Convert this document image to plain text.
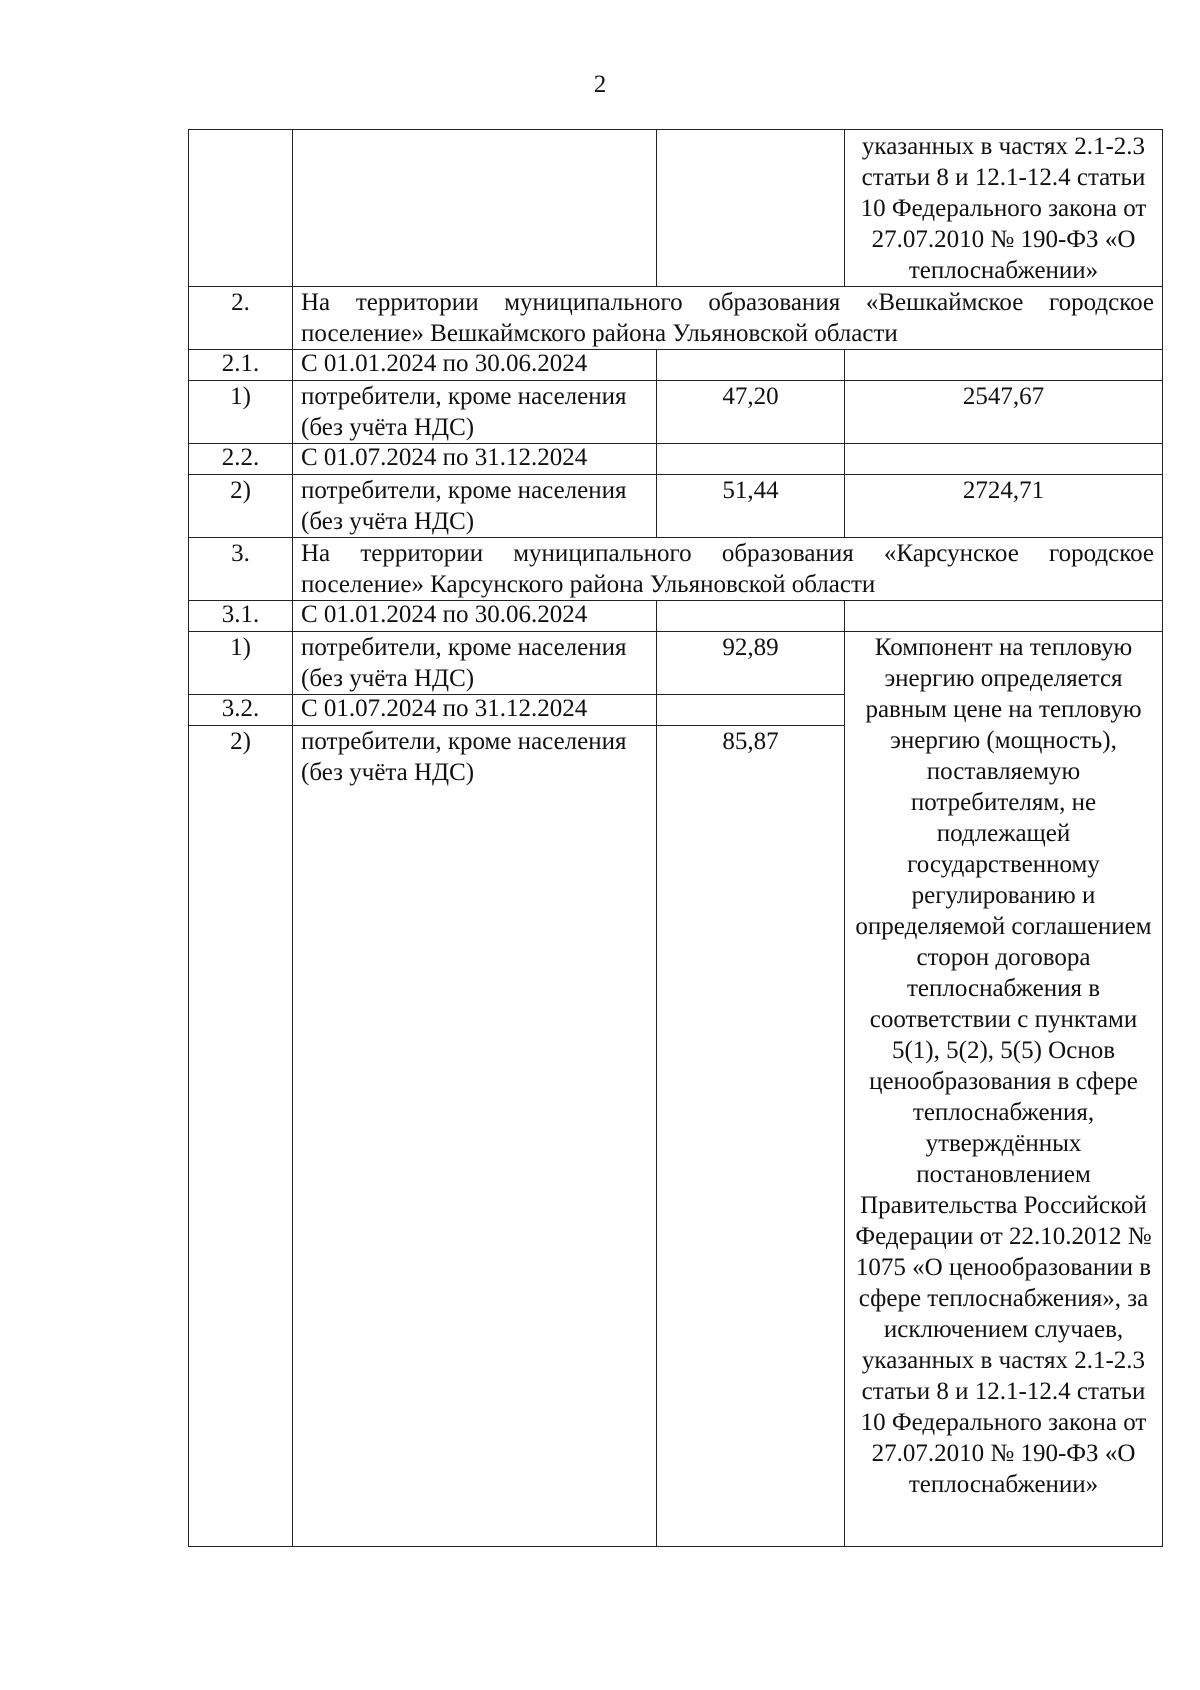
2
			указанных в частях 2.1-2.3 статьи 8 и 12.1-12.4 статьи 10 Федерального закона от 27.07.2010 № 190-ФЗ «О теплоснабжении»
2.	На территории муниципального образования «Вешкаймское городское поселение» Вешкаймского района Ульяновской области		
2.1.	С 01.01.2024 по 30.06.2024		
1)	потребители, кроме населения (без учёта НДС)	47,20	2547,67
2.2.	С 01.07.2024 по 31.12.2024		
2)	потребители, кроме населения (без учёта НДС)	51,44	2724,71
3.	На территории муниципального образования «Карсунское городское поселение» Карсунского района Ульяновской области		
3.1.	С 01.01.2024 по 30.06.2024		
1)	потребители, кроме населения (без учёта НДС)	92,89	Компонент на тепловую энергию определяется равным цене на тепловую энергию (мощность), поставляемую потребителям, не подлежащей государственному регулированию и определяемой соглашением сторон договора теплоснабжения в соответствии с пунктами 5(1), 5(2), 5(5) Основ ценообразования в сфере теплоснабжения, утверждённых постановлением Правительства Российской Федерации от 22.10.2012 № 1075 «О ценообразовании в сфере теплоснабжения», за исключением случаев, указанных в частях 2.1-2.3 статьи 8 и 12.1-12.4 статьи 10 Федерального закона от 27.07.2010 № 190-ФЗ «О теплоснабжении»
3.2.	С 01.07.2024 по 31.12.2024		
2)	потребители, кроме населения (без учёта НДС)	85,87	
